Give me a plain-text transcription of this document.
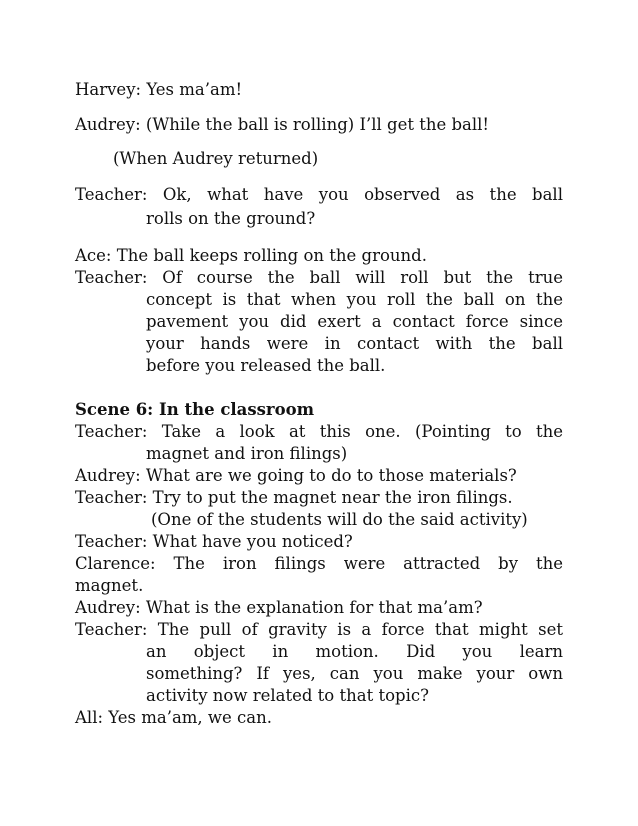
Harvey: Yes ma’am!
Audrey: (While the ball is rolling) I’ll get the ball!
(When Audrey returned)
Teacher: Ok, what have you observed as the ball
rolls on the ground?
Ace: The ball keeps rolling on the ground.
Teacher: Of course the ball will roll but the true
concept is that when you roll the ball on the
pavement you did exert a contact force since
your hands were in contact with the ball
before you released the ball.
Scene 6: In the classroom
Teacher: Take a look at this one. (Pointing to the
magnet and iron filings)
Audrey: What are we going to do to those materials?
Teacher: Try to put the magnet near the iron filings.
(One of the students will do the said activity)
Teacher: What have you noticed?
Clarence: The iron filings were attracted by the
magnet.
Audrey: What is the explanation for that ma’am?
Teacher: The pull of gravity is a force that might set
an object in motion. Did you learn
something? If yes, can you make your own
activity now related to that topic?
All: Yes ma’am, we can.
